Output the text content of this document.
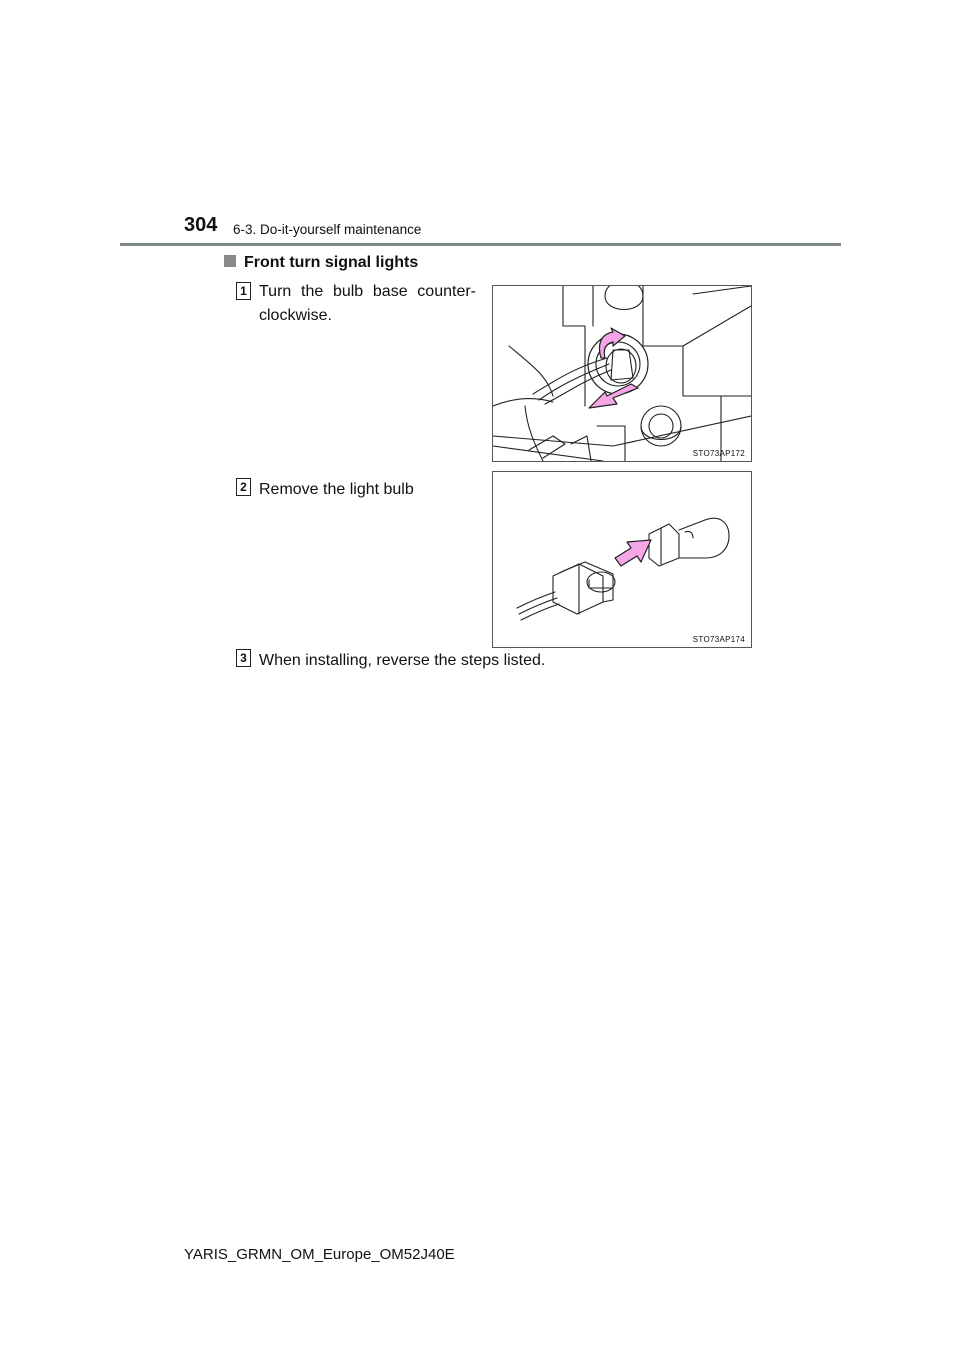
304 6-3. Do-it-yourself maintenance
Front turn signal lights
1 Turn the bulb base counter-clockwise.
STO73AP172
2 Remove the light bulb
STO73AP174
3 When installing, reverse the steps listed.
YARIS_GRMN_OM_Europe_OM52J40E
